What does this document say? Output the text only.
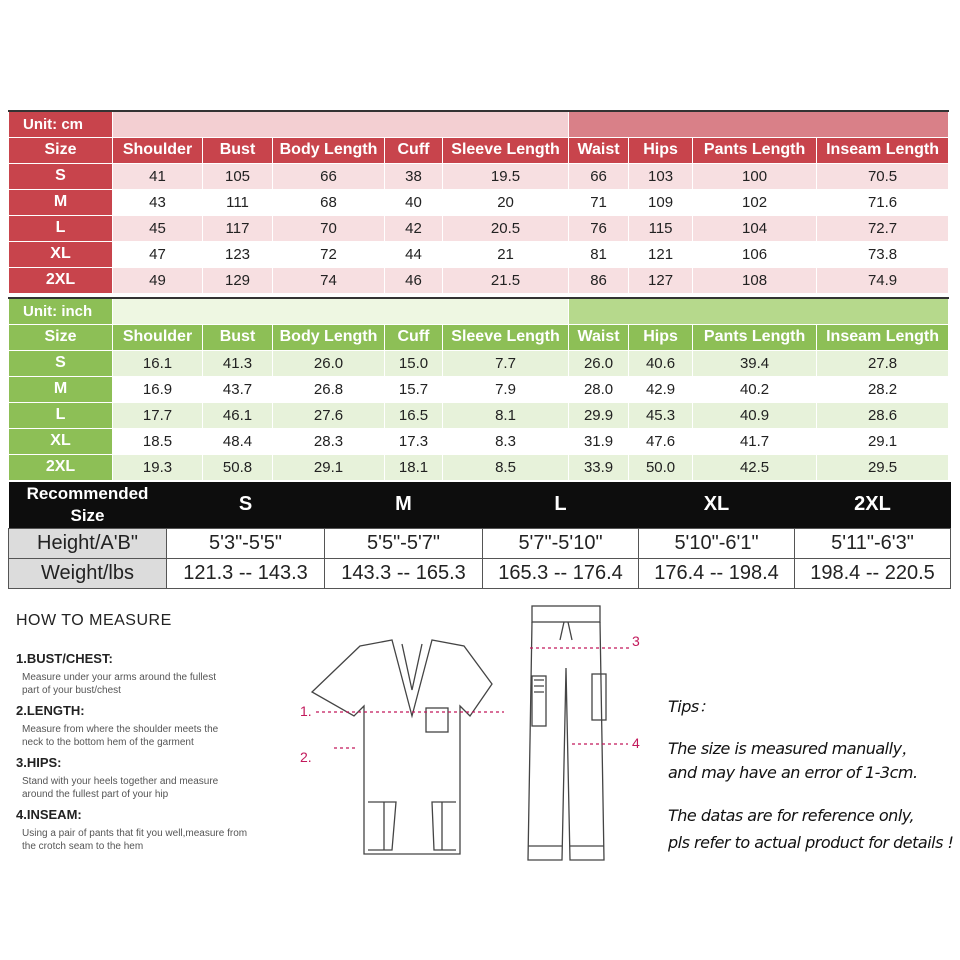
Unit: cm									
Size	Shoulder	Bust	Body Length	Cuff	Sleeve Length	Waist	Hips	Pants Length	Inseam Length
S	41	105	66	38	19.5	66	103	100	70.5
M	43	111	68	40	20	71	109	102	71.6
L	45	117	70	42	20.5	76	115	104	72.7
XL	47	123	72	44	21	81	121	106	73.8
2XL	49	129	74	46	21.5	86	127	108	74.9
Unit: inch									
Size	Shoulder	Bust	Body Length	Cuff	Sleeve Length	Waist	Hips	Pants Length	Inseam Length
S	16.1	41.3	26.0	15.0	7.7	26.0	40.6	39.4	27.8
M	16.9	43.7	26.8	15.7	7.9	28.0	42.9	40.2	28.2
L	17.7	46.1	27.6	16.5	8.1	29.9	45.3	40.9	28.6
XL	18.5	48.4	28.3	17.3	8.3	31.9	47.6	41.7	29.1
2XL	19.3	50.8	29.1	18.1	8.5	33.9	50.0	42.5	29.5
Recommended Size	S	M	L	XL	2XL
Height/A'B"	5'3"-5'5"	5'5"-5'7"	5'7"-5'10"	5'10"-6'1"	5'11"-6'3"
Weight/lbs	121.3 -- 143.3	143.3 -- 165.3	165.3 -- 176.4	176.4 -- 198.4	198.4 -- 220.5
HOW TO MEASURE
1.BUST/CHEST:
Measure under your arms around the fullest part of your bust/chest
2.LENGTH:
Measure from where the shoulder meets the neck to the bottom hem of the garment
3.HIPS:
Stand with your heels together and measure around the fullest part of your hip
4.INSEAM:
Using a pair of pants that fit you well,measure from the crotch seam to the hem
1.
2.
3
4
Tips：
The size is measured manually，
and may have an error of 1-3cm.
The datas are for reference only,
pls refer to actual product for details !
